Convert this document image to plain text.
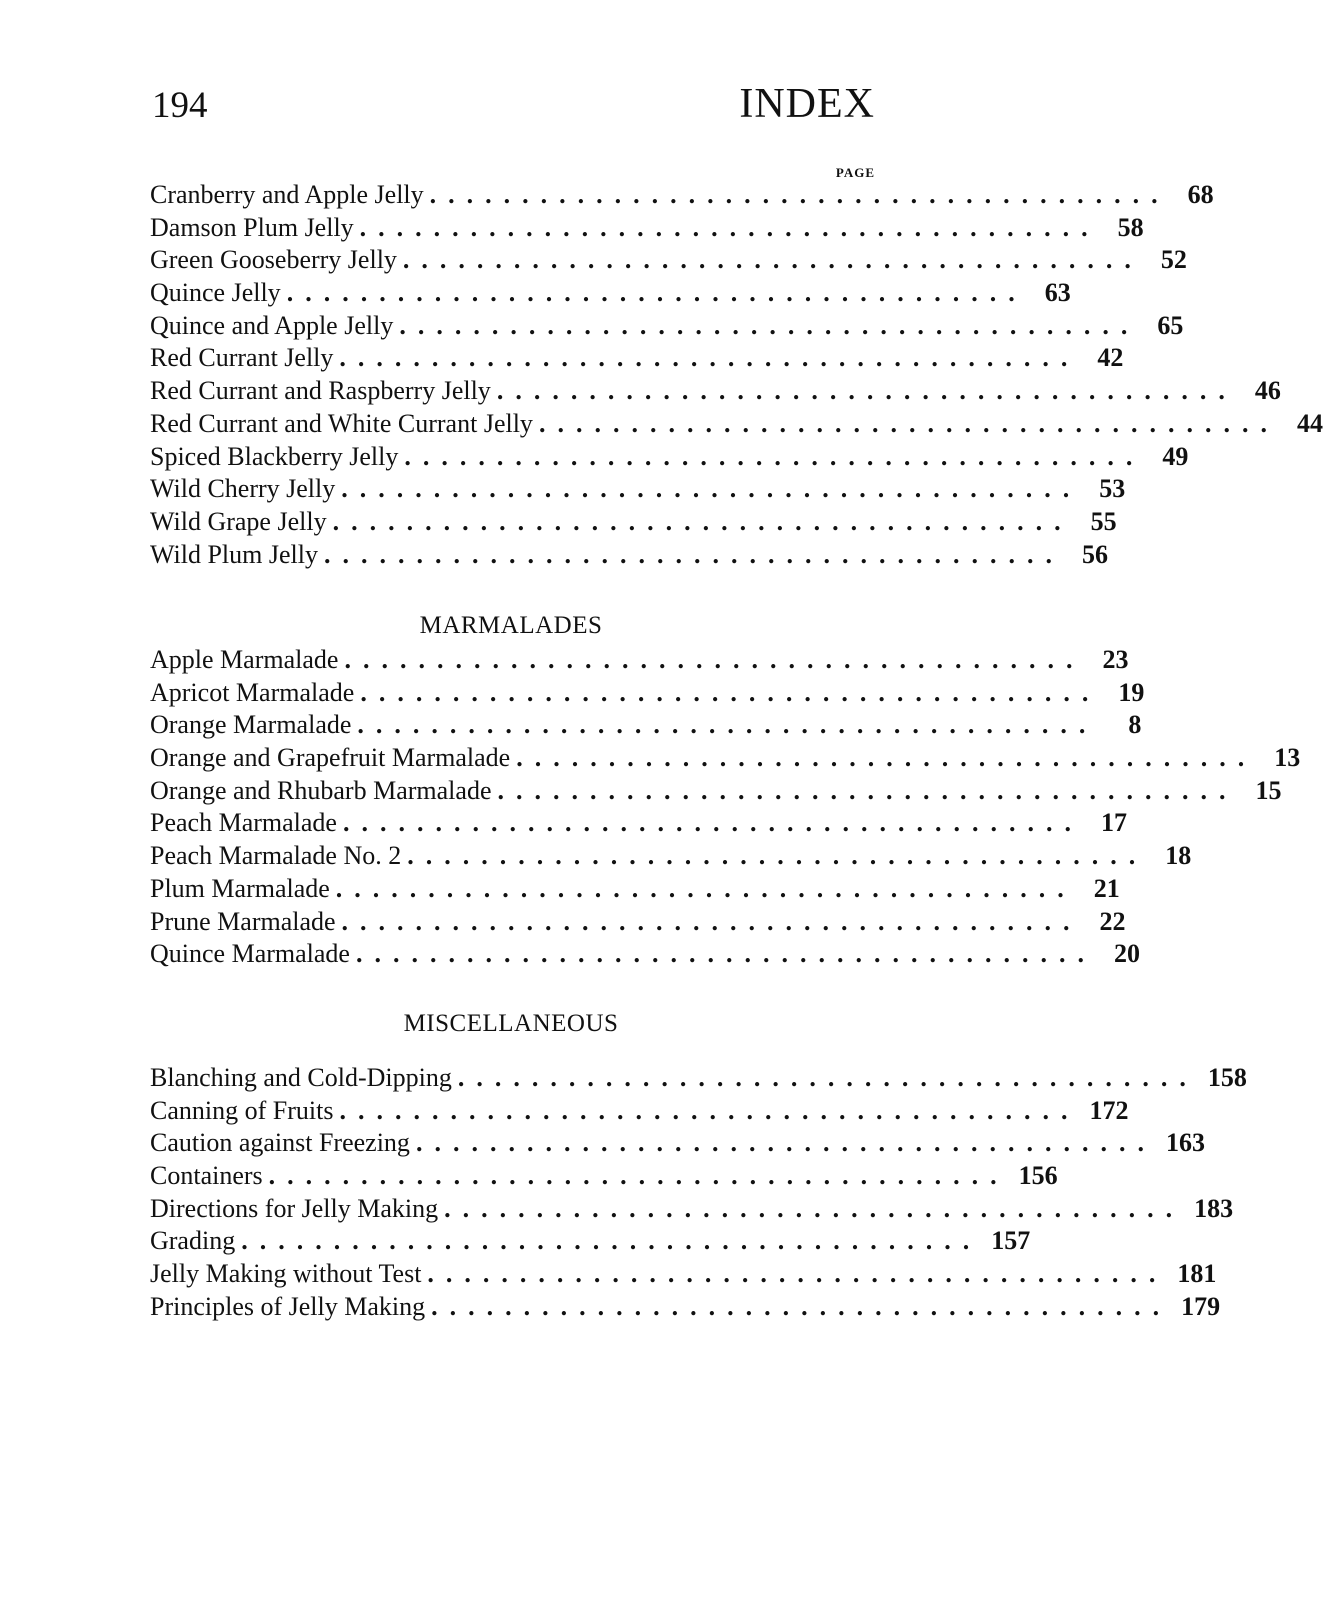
194	INDEX
PAGE
Cranberry and Apple Jelly ........................................ 68
Damson Plum Jelly ........................................ 58
Green Gooseberry Jelly ........................................ 52
Quince Jelly ........................................ 63
Quince and Apple Jelly ........................................ 65
Red Currant Jelly ........................................ 42
Red Currant and Raspberry Jelly ........................................ 46
Red Currant and White Currant Jelly ........................................ 44
Spiced Blackberry Jelly ........................................ 49
Wild Cherry Jelly ........................................ 53
Wild Grape Jelly ........................................ 55
Wild Plum Jelly ........................................ 56
MARMALADES
Apple Marmalade ........................................ 23
Apricot Marmalade ........................................ 19
Orange Marmalade ........................................	8
Orange and Grapefruit Marmalade ........................................ 13
Orange and Rhubarb Marmalade ........................................ 15
Peach Marmalade ........................................ 17
Peach Marmalade No. 2 ........................................ 18
Plum Marmalade ........................................ 21
Prune Marmalade ........................................ 22
Quince Marmalade ........................................ 20
MISCELLANEOUS
Blanching and Cold-Dipping ........................................ 158
Canning of Fruits ........................................ 172
Caution against Freezing ........................................ 163
Containers ........................................ 156
Directions for Jelly Making ........................................ 183
Grading ........................................ 157
Jelly Making without Test ........................................ 181
Principles of Jelly Making ........................................ 179
